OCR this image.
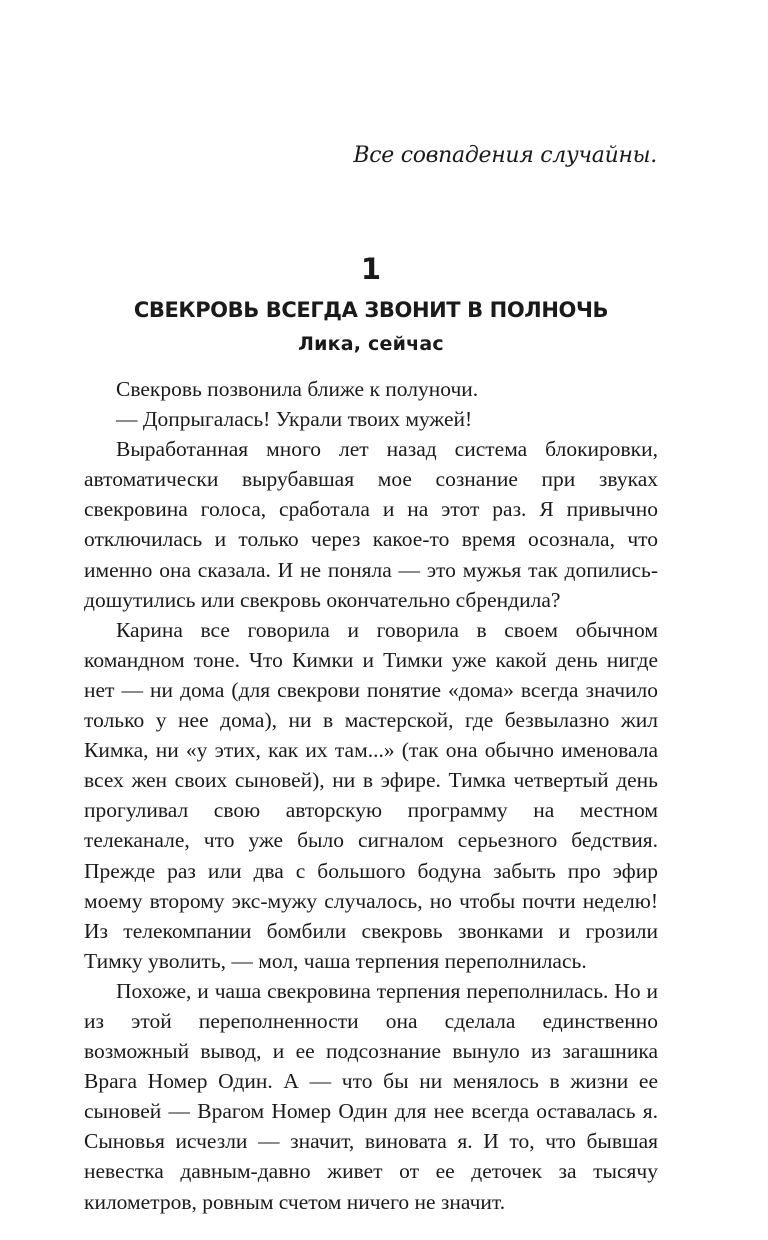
Все совпадения случайны.
1
СВЕКРОВЬ ВСЕГДА ЗВОНИТ В ПОЛНОЧЬ
Лика, сейчас

Свекровь позвонила ближе к полуночи.

— Допрыгалась! Украли твоих мужей!

Выработанная много лет назад система блокировки, автоматически вырубавшая мое сознание при звуках свекровина голоса, сработала и на этот раз. Я привычно отключилась и только через какое-то время осознала, что именно она сказала. И не поняла — это мужья так допились-дошутились или свекровь окончательно сбрендила?

Карина все говорила и говорила в своем обычном командном тоне. Что Кимки и Тимки уже какой день нигде нет — ни дома (для свекрови понятие «дома» всегда значило только у нее дома), ни в мастерской, где безвылазно жил Кимка, ни «у этих, как их там...» (так она обычно именовала всех жен своих сыновей), ни в эфире. Тимка четвертый день прогуливал свою авторскую программу на местном телеканале, что уже было сигналом серьезного бедствия. Прежде раз или два с большого бодуна забыть про эфир моему второму экс-мужу случалось, но чтобы почти неделю! Из телекомпании бомбили свекровь звонками и грозили Тимку уволить, — мол, чаша терпения переполнилась.

Похоже, и чаша свекровина терпения переполнилась. Но и из этой переполненности она сделала единственно возможный вывод, и ее подсознание вынуло из загашника Врага Номер Один. А — что бы ни менялось в жизни ее сыновей — Врагом Номер Один для нее всегда оставалась я. Сыновья исчезли — значит, виновата я. И то, что бывшая невестка давным-давно живет от ее деточек за тысячу километров, ровным счетом ничего не значит.
